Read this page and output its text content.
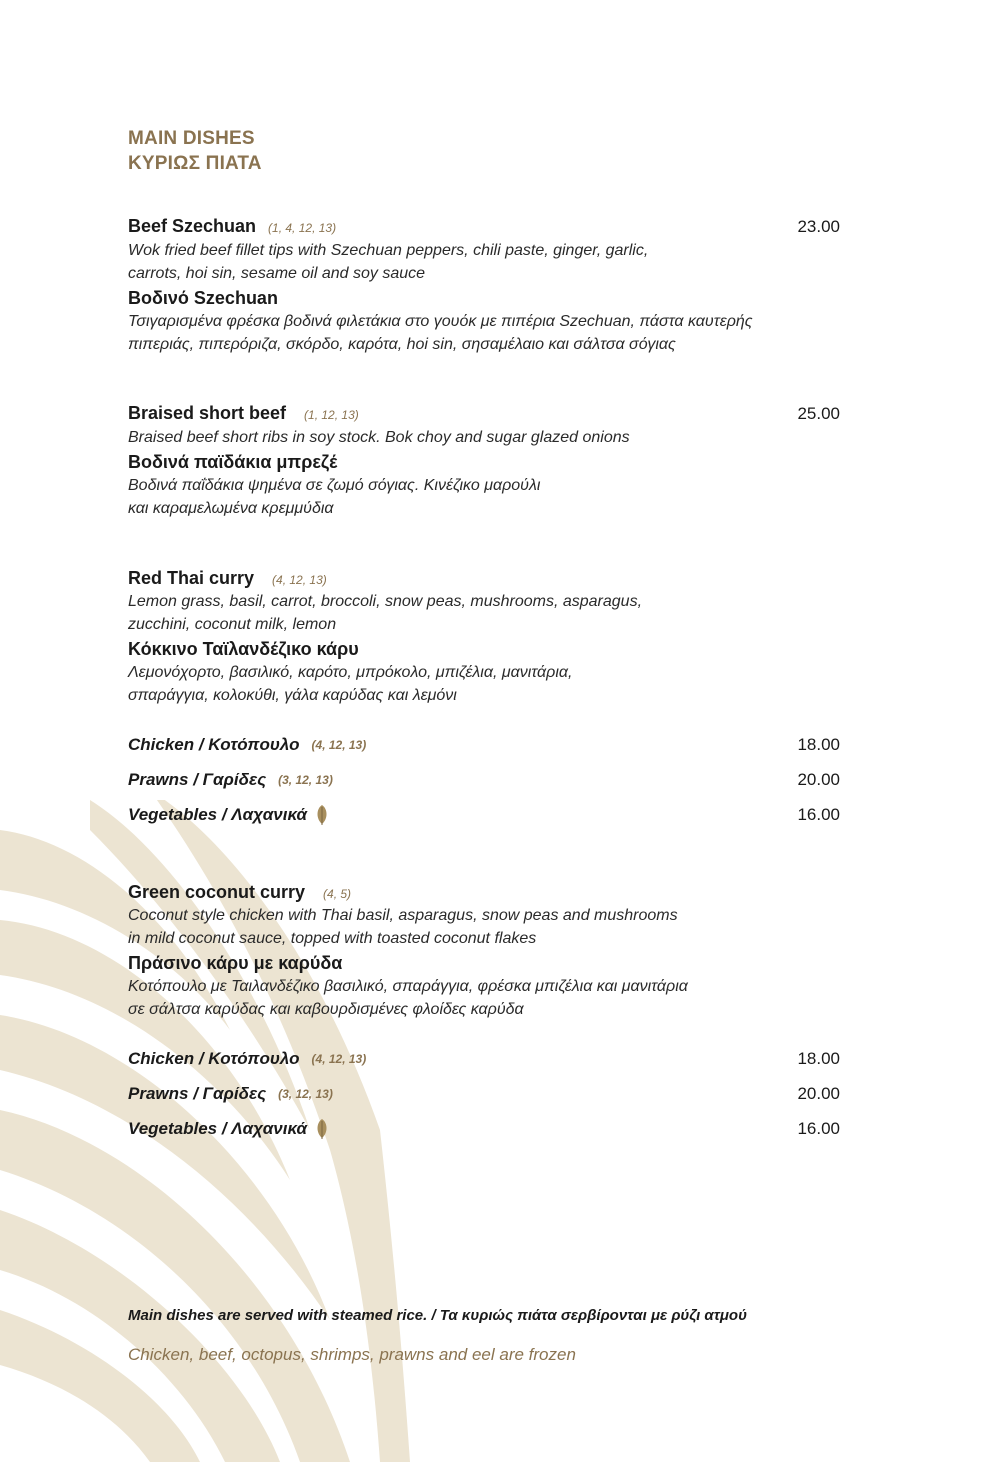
MAIN DISHES
ΚΥΡΙΩΣ ΠΙΑΤΑ
Beef Szechuan (1, 4, 12, 13)	23.00
Wok fried beef fillet tips with Szechuan peppers, chili paste, ginger, garlic,
carrots, hoi sin, sesame oil and soy sauce
Βοδινό Szechuan
Τσιγαρισμένα φρέσκα βοδινά φιλετάκια στο γουόκ με πιπέρια Szechuan, πάστα καυτερής
πιπεριάς, πιπερόριζα, σκόρδο, καρότα, hoi sin, σησαμέλαιο και σάλτσα σόγιας
Braised short beef (1, 12, 13)	25.00
Braised beef short ribs in soy stock. Bok choy and sugar glazed onions
Βοδινά παϊδάκια μπρεζέ
Βοδινά παΐδάκια ψημένα σε ζωμό σόγιας. Κινέζικο μαρούλι
και καραμελωμένα κρεμμύδια
Red Thai curry (4, 12, 13)
Lemon grass, basil, carrot, broccoli, snow peas, mushrooms, asparagus,
zucchini, coconut milk, lemon
Κόκκινο Ταϊλανδέζικο κάρυ
Λεμονόχορτο, βασιλικό, καρότο, μπρόκολο, μπιζέλια, μανιτάρια,
σπαράγγια, κολοκύθι, γάλα καρύδας και λεμόνι
Chicken / Κοτόπουλο (4, 12, 13)	18.00
Prawns / Γαρίδες (3, 12, 13)	20.00
Vegetables / Λαχανικά	16.00
Green coconut curry (4, 5)
Coconut style chicken with Thai basil, asparagus, snow peas and mushrooms
in mild coconut sauce, topped with toasted coconut flakes
Πράσινο κάρυ με καρύδα
Κοτόπουλο με Ταιλανδέζικο βασιλικό, σπαράγγια, φρέσκα μπιζέλια και μανιτάρια
σε σάλτσα καρύδας και καβουρδισμένες φλοίδες καρύδα
Chicken / Κοτόπουλο (4, 12, 13)	18.00
Prawns / Γαρίδες (3, 12, 13)	20.00
Vegetables / Λαχανικά	16.00
Main dishes are served with steamed rice. / Τα κυριώς πιάτα σερβίρονται με ρύζι ατμού
Chicken, beef, octopus, shrimps, prawns and eel are frozen
